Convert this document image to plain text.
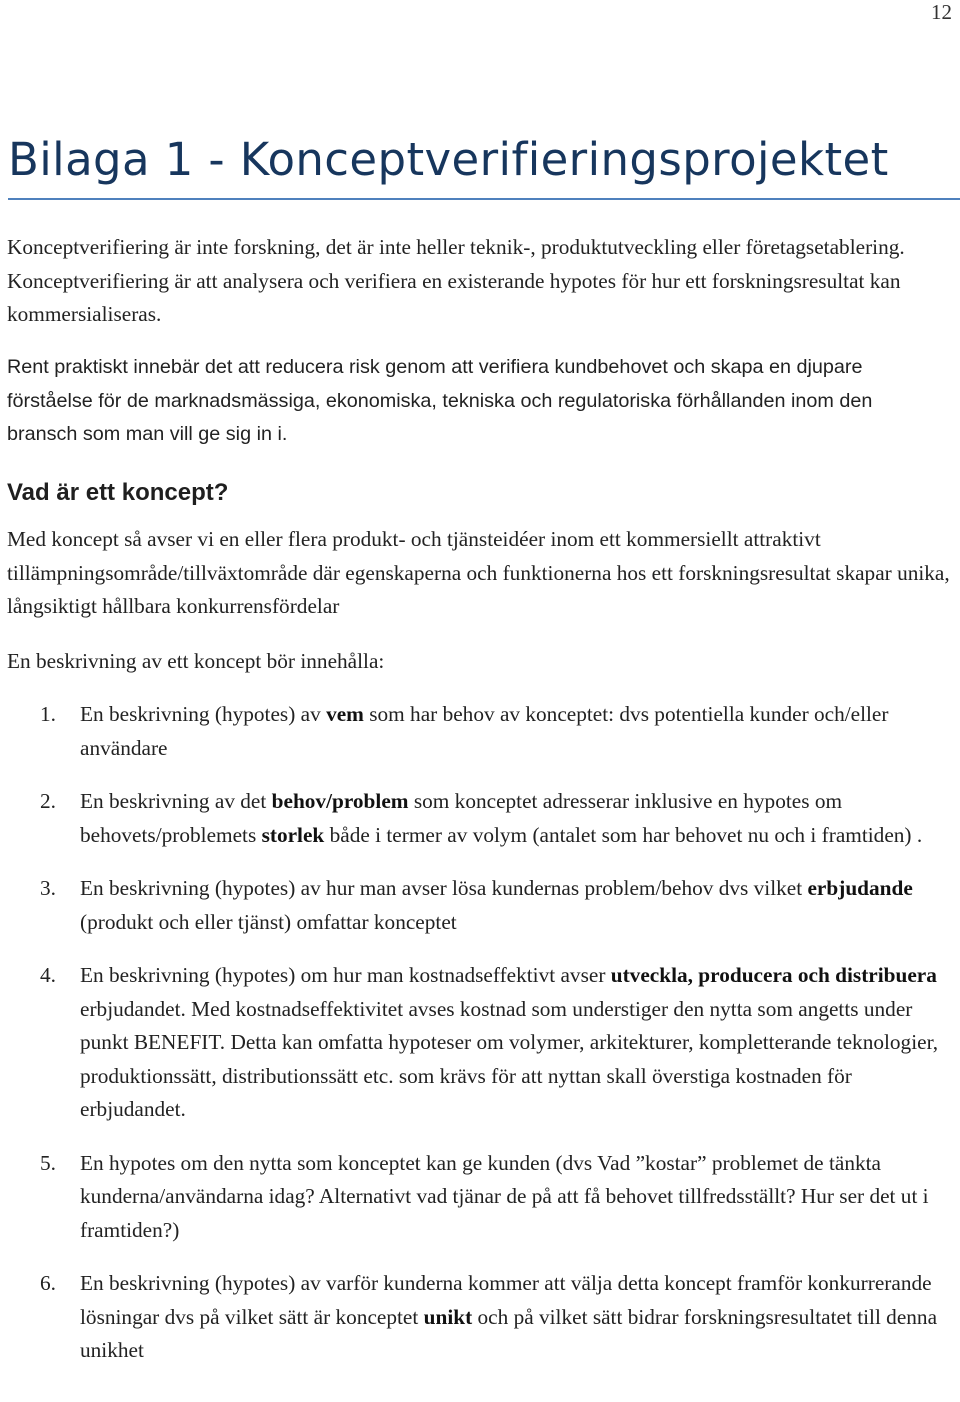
12
Bilaga 1 - Konceptverifieringsprojektet

Konceptverifiering är inte forskning, det är inte heller teknik-, produktutveckling eller företagsetablering. Konceptverifiering är att analysera och verifiera en existerande hypotes för hur ett forskningsresultat kan kommersialiseras.

Rent praktiskt innebär det att reducera risk genom att verifiera kundbehovet och skapa en djupare förståelse för de marknadsmässiga, ekonomiska, tekniska och regulatoriska förhållanden inom den bransch som man vill ge sig in i.

Vad är ett koncept?

Med koncept så avser vi en eller flera produkt- och tjänsteidéer inom ett kommersiellt attraktivt tillämpningsområde/tillväxtområde där egenskaperna och funktionerna hos ett forskningsresultat skapar unika, långsiktigt hållbara konkurrensfördelar

En beskrivning av ett koncept bör innehålla:

1. En beskrivning (hypotes) av vem som har behov av konceptet: dvs potentiella kunder och/eller användare
2. En beskrivning av det behov/problem som konceptet adresserar inklusive en hypotes om behovets/problemets storlek både i termer av volym (antalet som har behovet nu och i framtiden) .
3. En beskrivning (hypotes) av hur man avser lösa kundernas problem/behov dvs vilket erbjudande (produkt och eller tjänst) omfattar konceptet
4. En beskrivning (hypotes) om hur man kostnadseffektivt avser utveckla, producera och distribuera erbjudandet. Med kostnadseffektivitet avses kostnad som understiger den nytta som angetts under punkt BENEFIT. Detta kan omfatta hypoteser om volymer, arkitekturer, kompletterande teknologier, produktionssätt, distributionssätt etc. som krävs för att nyttan skall överstiga kostnaden för erbjudandet.
5. En hypotes om den nytta som konceptet kan ge kunden (dvs Vad ”kostar” problemet de tänkta kunderna/användarna idag? Alternativt vad tjänar de på att få behovet tillfredsställt? Hur ser det ut i framtiden?)
6. En beskrivning (hypotes) av varför kunderna kommer att välja detta koncept framför konkurrerande lösningar dvs på vilket sätt är konceptet unikt och på vilket sätt bidrar forskningsresultatet till denna unikhet
